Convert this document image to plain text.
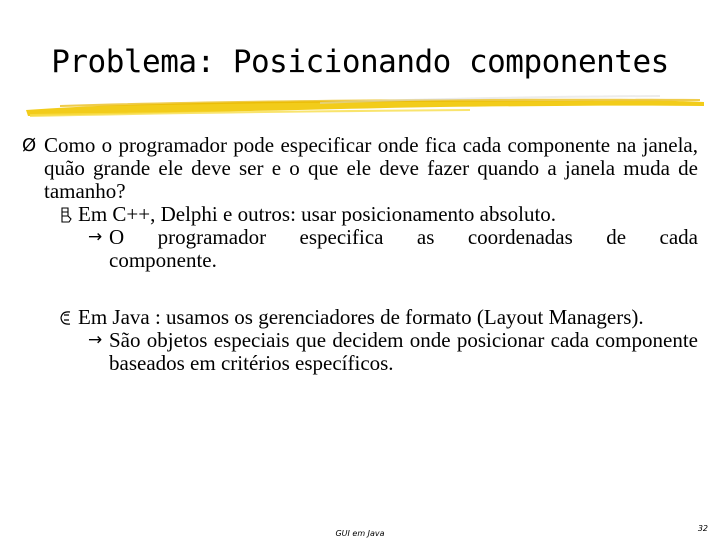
Problema: Posicionando componentes
Ø Como o programador pode especificar onde fica cada componente na janela, quão grande ele deve ser e o que ele deve fazer quando a janela muda de tamanho?
Em C++, Delphi e outros: usar posicionamento absoluto.
→ O programador especifica as coordenadas de cada
componente.
Em Java : usamos os gerenciadores de formato (Layout Managers).
→ São objetos especiais que decidem onde posicionar cada componente baseados em critérios específicos.
GUI em Java
32
